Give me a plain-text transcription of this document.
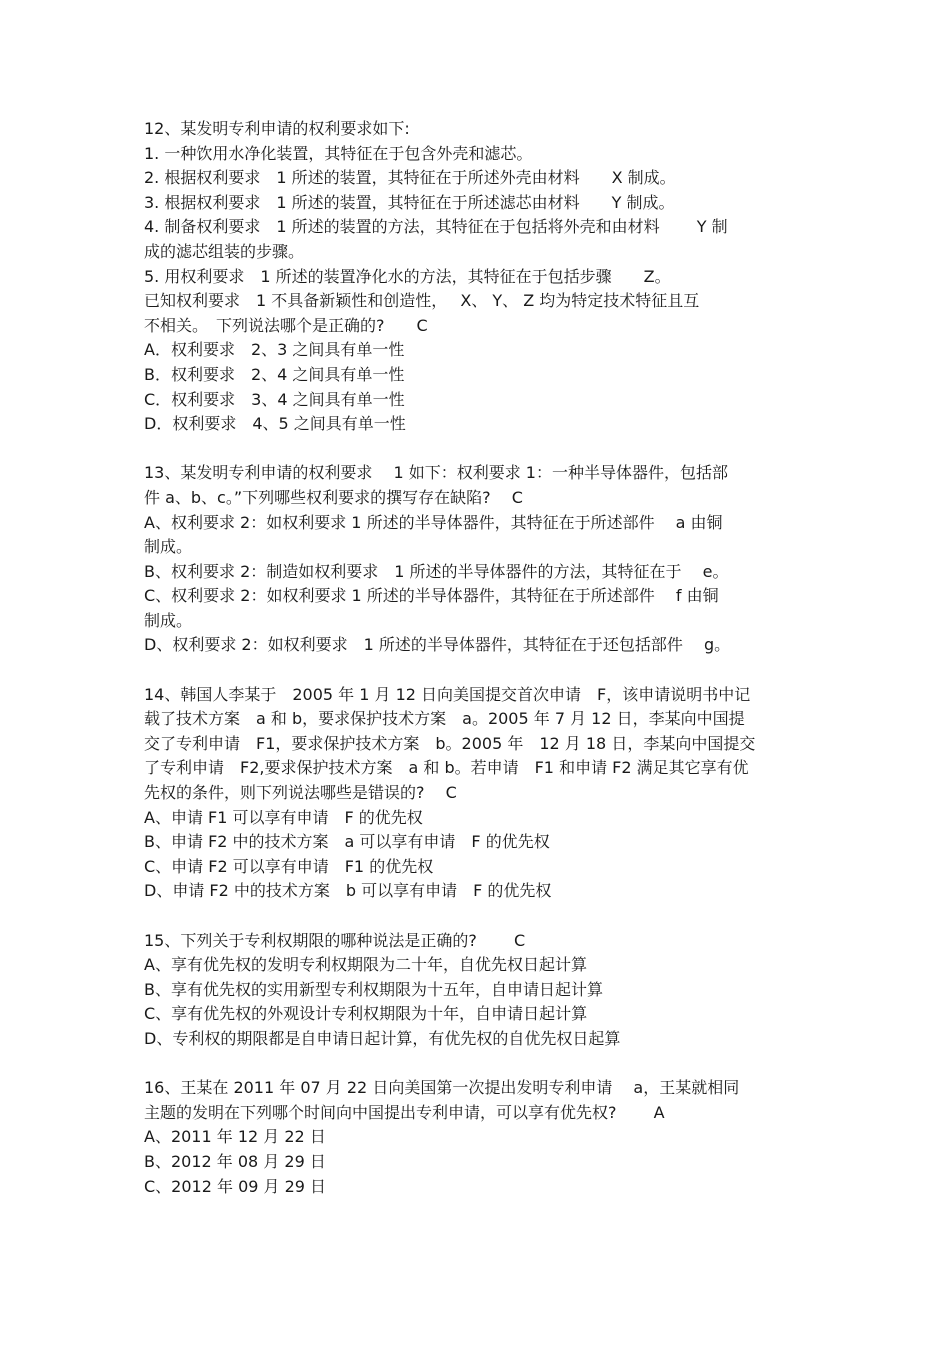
12、某发明专利申请的权利要求如下:
1. 一种饮用水净化装置，其特征在于包含外壳和滤芯。
2. 根据权利要求　1 所述的装置，其特征在于所述外壳由材料　　X 制成。
3. 根据权利要求　1 所述的装置，其特征在于所述滤芯由材料　　Y 制成。
4. 制备权利要求　1 所述的装置的方法，其特征在于包括将外壳和由材料　　 Y 制
成的滤芯组装的步骤。
5. 用权利要求　1 所述的装置净化水的方法，其特征在于包括步骤　　Z。
已知权利要求　1 不具备新颖性和创造性，　 X、 Y、 Z 均为特定技术特征且互
不相关。　下列说法哪个是正确的?　　C
A．权利要求　2、3 之间具有单一性
B．权利要求　2、4 之间具有单一性
C．权利要求　3、4 之间具有单一性
D．权利要求　4、5 之间具有单一性
13、某发明专利申请的权利要求　 1 如下：权利要求 1：一种半导体器件，包括部
件 a、b、c。”下列哪些权利要求的撰写存在缺陷?　 C
A、权利要求 2：如权利要求 1 所述的半导体器件，其特征在于所述部件　 a 由铜
制成。
B、权利要求 2：制造如权利要求　1 所述的半导体器件的方法，其特征在于　 e。
C、权利要求 2：如权利要求 1 所述的半导体器件，其特征在于所述部件　 f 由铜
制成。
D、权利要求 2：如权利要求　1 所述的半导体器件，其特征在于还包括部件　 g。
14、韩国人李某于　2005 年 1 月 12 日向美国提交首次申请　F，该申请说明书中记
载了技术方案　a 和 b，要求保护技术方案　a。2005 年 7 月 12 日，李某向中国提
交了专利申请　F1，要求保护技术方案　b。2005 年　12 月 18 日，李某向中国提交
了专利申请　F2,要求保护技术方案　a 和 b。若申请　F1 和申请 F2 满足其它享有优
先权的条件，则下列说法哪些是错误的?　 C
A、申请 F1 可以享有申请　F 的优先权
B、申请 F2 中的技术方案　a 可以享有申请　F 的优先权
C、申请 F2 可以享有申请　F1 的优先权
D、申请 F2 中的技术方案　b 可以享有申请　F 的优先权
15、下列关于专利权期限的哪种说法是正确的?　　 C
A、享有优先权的发明专利权期限为二十年，自优先权日起计算
B、享有优先权的实用新型专利权期限为十五年，自申请日起计算
C、享有优先权的外观设计专利权期限为十年，自申请日起计算
D、专利权的期限都是自申请日起计算，有优先权的自优先权日起算
16、王某在 2011 年 07 月 22 日向美国第一次提出发明专利申请　 a，王某就相同
主题的发明在下列哪个时间向中国提出专利申请，可以享有优先权?　　 A
A、2011 年 12 月 22 日
B、2012 年 08 月 29 日
C、2012 年 09 月 29 日
